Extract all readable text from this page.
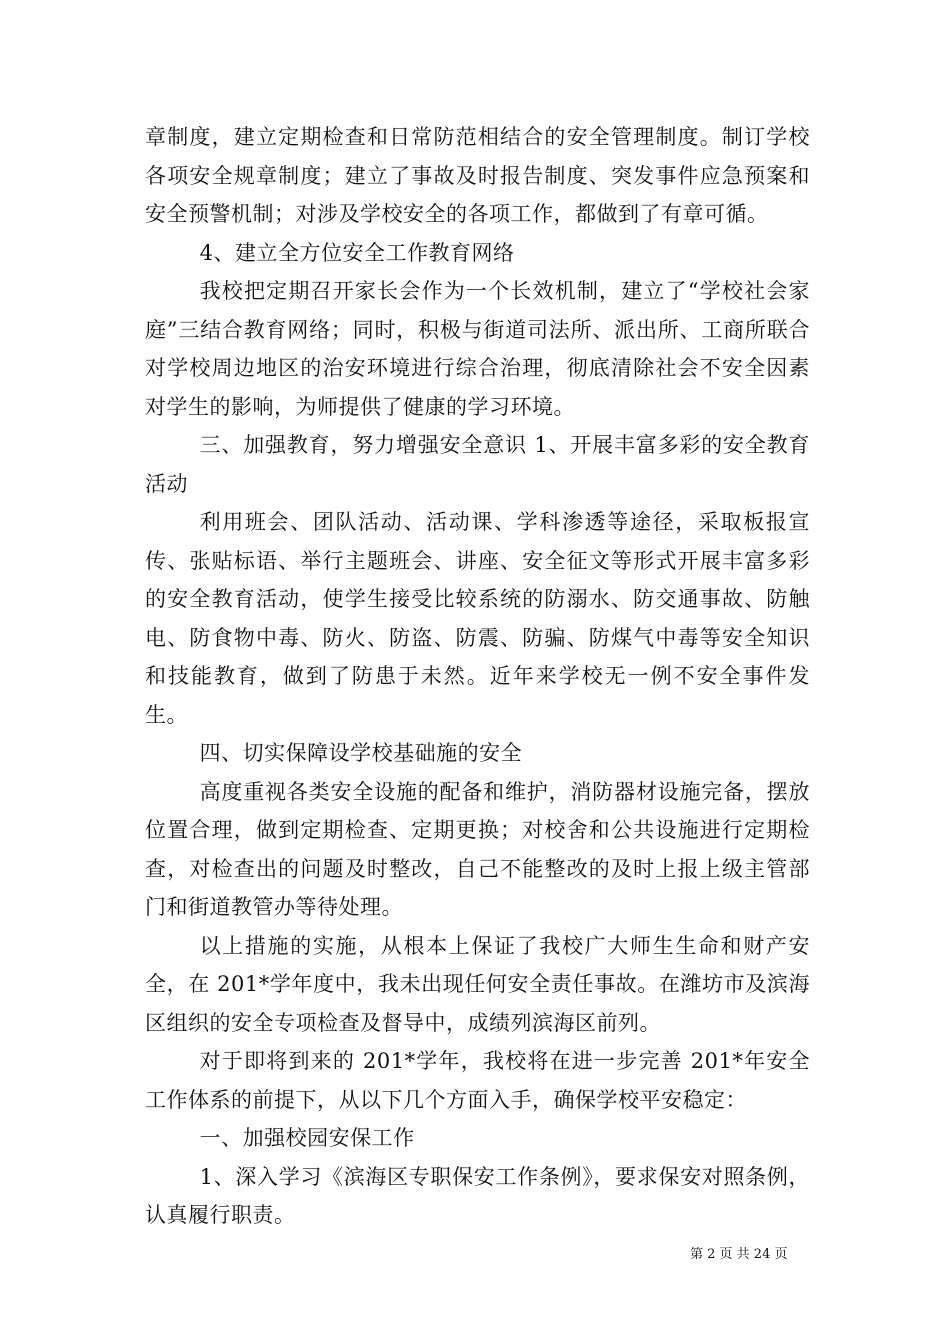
章制度，建立定期检查和日常防范相结合的安全管理制度。制订学校各项安全规章制度；建立了事故及时报告制度、突发事件应急预案和安全预警机制；对涉及学校安全的各项工作，都做到了有章可循。

4、建立全方位安全工作教育网络

我校把定期召开家长会作为一个长效机制，建立了“学校社会家庭”三结合教育网络；同时，积极与街道司法所、派出所、工商所联合对学校周边地区的治安环境进行综合治理，彻底清除社会不安全因素对学生的影响，为师提供了健康的学习环境。

三、加强教育，努力增强安全意识 1、开展丰富多彩的安全教育活动

利用班会、团队活动、活动课、学科渗透等途径，采取板报宣传、张贴标语、举行主题班会、讲座、安全征文等形式开展丰富多彩的安全教育活动，使学生接受比较系统的防溺水、防交通事故、防触电、防食物中毒、防火、防盗、防震、防骗、防煤气中毒等安全知识和技能教育，做到了防患于未然。近年来学校无一例不安全事件发生。

四、切实保障设学校基础施的安全

高度重视各类安全设施的配备和维护，消防器材设施完备，摆放位置合理，做到定期检查、定期更换；对校舍和公共设施进行定期检查，对检查出的问题及时整改，自己不能整改的及时上报上级主管部门和街道教管办等待处理。

以上措施的实施，从根本上保证了我校广大师生生命和财产安全，在 201*学年度中，我未出现任何安全责任事故。在潍坊市及滨海区组织的安全专项检查及督导中，成绩列滨海区前列。

对于即将到来的 201*学年，我校将在进一步完善 201*年安全工作体系的前提下，从以下几个方面入手，确保学校平安稳定：

一、加强校园安保工作

1、深入学习《滨海区专职保安工作条例》，要求保安对照条例，认真履行职责。

第 2 页 共 24 页
